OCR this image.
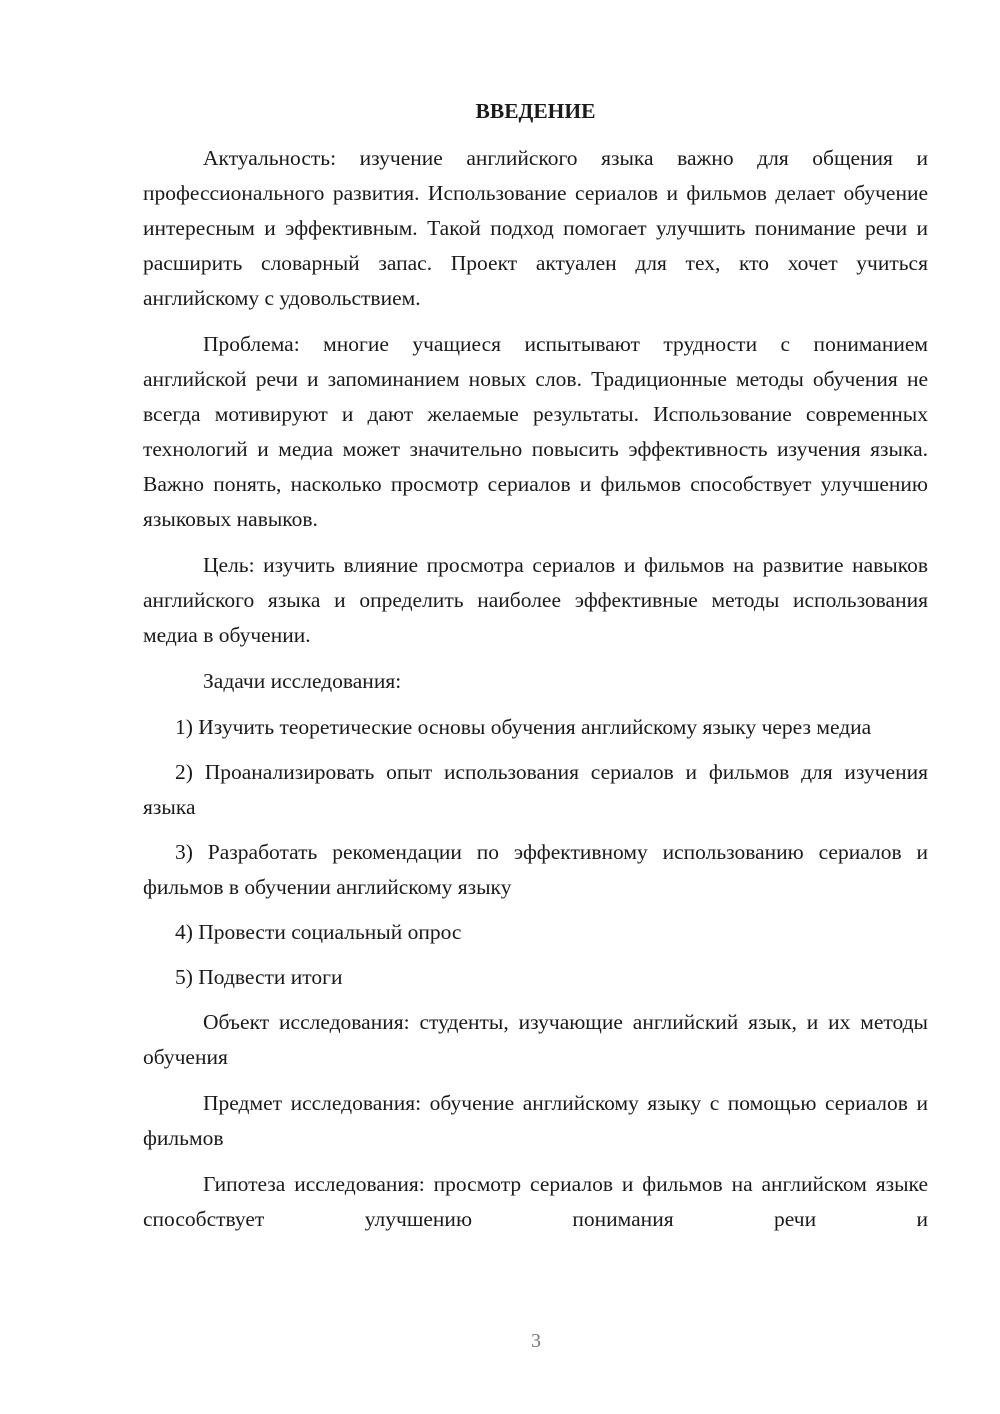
ВВЕДЕНИЕ

Актуальность: изучение английского языка важно для общения и профессионального развития. Использование сериалов и фильмов делает обучение интересным и эффективным. Такой подход помогает улучшить понимание речи и расширить словарный запас. Проект актуален для тех, кто хочет учиться английскому с удовольствием.

Проблема: многие учащиеся испытывают трудности с пониманием английской речи и запоминанием новых слов. Традиционные методы обучения не всегда мотивируют и дают желаемые результаты. Использование современных технологий и медиа может значительно повысить эффективность изучения языка. Важно понять, насколько просмотр сериалов и фильмов способствует улучшению языковых навыков.

Цель: изучить влияние просмотра сериалов и фильмов на развитие навыков английского языка и определить наиболее эффективные методы использования медиа в обучении.

Задачи исследования:

1) Изучить теоретические основы обучения английскому языку через медиа

2) Проанализировать опыт использования сериалов и фильмов для изучения языка

3) Разработать рекомендации по эффективному использованию сериалов и фильмов в обучении английскому языку

4) Провести социальный опрос

5) Подвести итоги

Объект исследования: студенты, изучающие английский язык, и их методы обучения

Предмет исследования: обучение английскому языку с помощью сериалов и фильмов

Гипотеза исследования: просмотр сериалов и фильмов на английском языке способствует улучшению понимания речи и

3
